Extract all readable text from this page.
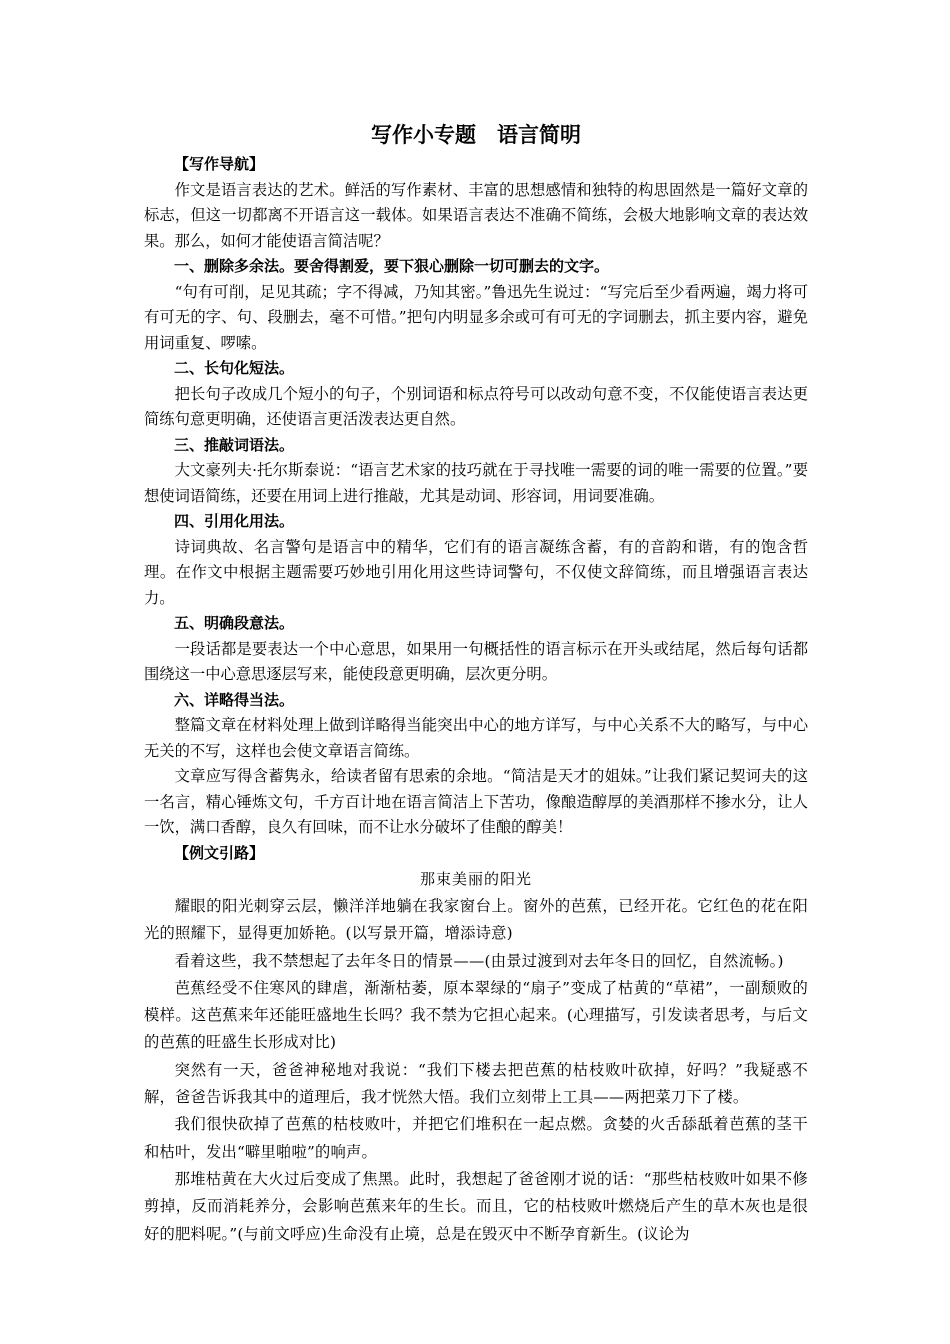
写作小专题　语言简明

【写作导航】

作文是语言表达的艺术。鲜活的写作素材、丰富的思想感情和独特的构思固然是一篇好文章的标志，但这一切都离不开语言这一载体。如果语言表达不准确不简练，会极大地影响文章的表达效果。那么，如何才能使语言简洁呢？

一、删除多余法。要舍得割爱，要下狠心删除一切可删去的文字。

“句有可削，足见其疏；字不得减，乃知其密。”鲁迅先生说过：“写完后至少看两遍，竭力将可有可无的字、句、段删去，毫不可惜。”把句内明显多余或可有可无的字词删去，抓主要内容，避免用词重复、啰嗦。

二、长句化短法。

把长句子改成几个短小的句子，个别词语和标点符号可以改动句意不变，不仅能使语言表达更简练句意更明确，还使语言更活泼表达更自然。

三、推敲词语法。

大文豪列夫·托尔斯泰说：“语言艺术家的技巧就在于寻找唯一需要的词的唯一需要的位置。”要想使词语简练，还要在用词上进行推敲，尤其是动词、形容词，用词要准确。

四、引用化用法。

诗词典故、名言警句是语言中的精华，它们有的语言凝练含蓄，有的音韵和谐，有的饱含哲理。在作文中根据主题需要巧妙地引用化用这些诗词警句，不仅使文辞简练，而且增强语言表达力。

五、明确段意法。

一段话都是要表达一个中心意思，如果用一句概括性的语言标示在开头或结尾，然后每句话都围绕这一中心意思逐层写来，能使段意更明确，层次更分明。

六、详略得当法。

整篇文章在材料处理上做到详略得当能突出中心的地方详写，与中心关系不大的略写，与中心无关的不写，这样也会使文章语言简练。

文章应写得含蓄隽永，给读者留有思索的余地。“简洁是天才的姐妹。”让我们紧记契诃夫的这一名言，精心锤炼文句，千方百计地在语言简洁上下苦功，像酿造醇厚的美酒那样不掺水分，让人一饮，满口香醇，良久有回味，而不让水分破坏了佳酿的醇美！

【例文引路】

那束美丽的阳光

耀眼的阳光刺穿云层，懒洋洋地躺在我家窗台上。窗外的芭蕉，已经开花。它红色的花在阳光的照耀下，显得更加娇艳。(以写景开篇，增添诗意)

看着这些，我不禁想起了去年冬日的情景——(由景过渡到对去年冬日的回忆，自然流畅。)

芭蕉经受不住寒风的肆虐，渐渐枯萎，原本翠绿的“扇子”变成了枯黄的“草裙”，一副颓败的模样。这芭蕉来年还能旺盛地生长吗？我不禁为它担心起来。(心理描写，引发读者思考，与后文的芭蕉的旺盛生长形成对比)

突然有一天，爸爸神秘地对我说：“我们下楼去把芭蕉的枯枝败叶砍掉，好吗？”我疑惑不解，爸爸告诉我其中的道理后，我才恍然大悟。我们立刻带上工具——两把菜刀下了楼。

我们很快砍掉了芭蕉的枯枝败叶，并把它们堆积在一起点燃。贪婪的火舌舔舐着芭蕉的茎干和枯叶，发出“噼里啪啦”的响声。

那堆枯黄在大火过后变成了焦黑。此时，我想起了爸爸刚才说的话：“那些枯枝败叶如果不修剪掉，反而消耗养分，会影响芭蕉来年的生长。而且，它的枯枝败叶燃烧后产生的草木灰也是很好的肥料呢。”(与前文呼应)生命没有止境，总是在毁灭中不断孕育新生。(议论为
